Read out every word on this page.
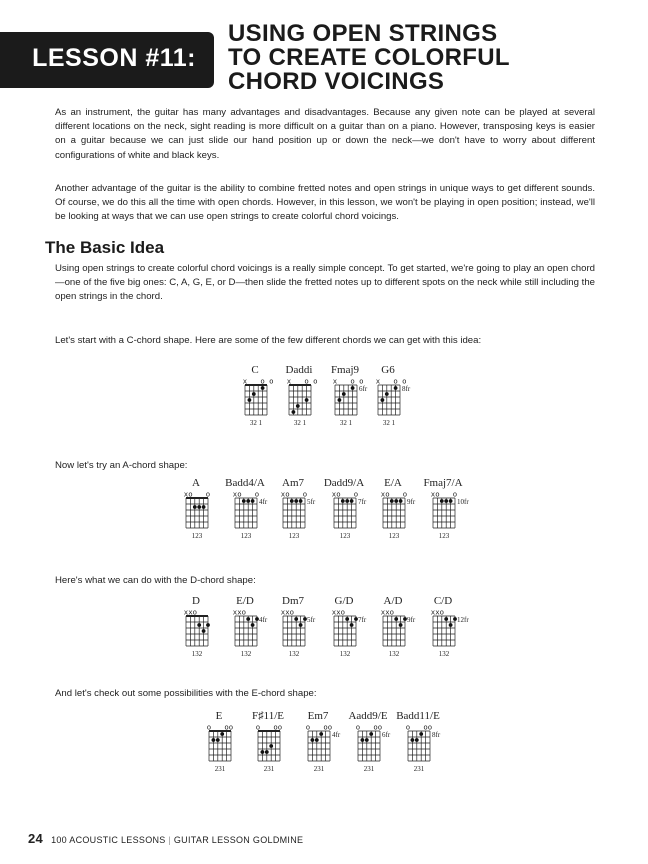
LESSON #11:
USING OPEN STRINGS
TO CREATE COLORFUL
CHORD VOICINGS

As an instrument, the guitar has many advantages and disadvantages. Because any given note can be played at several different locations on the neck, sight reading is more difficult on a guitar than on a piano. However, transposing keys is easier on a guitar because we can just slide our hand position up or down the neck—we don't have to worry about different configurations of white and black keys.

Another advantage of the guitar is the ability to combine fretted notes and open strings in unique ways to get different sounds. Of course, we do this all the time with open chords. However, in this lesson, we won't be playing in open position; instead, we'll be looking at ways that we can use open strings to create colorful chord voicings.

The Basic Idea

Using open strings to create colorful chord voicings is a really simple concept. To get started, we're going to play an open chord—one of the five big ones: C, A, G, E, or D—then slide the fretted notes up to different spots on the neck while still including the open strings in the chord.

Let's start with a C-chord shape. Here are some of the few different chords we can get with this idea:
Now let's try an A-chord shape:
Here's what we can do with the D-chord shape:
And let's check out some possibilities with the E-chord shape:
C
x   o o
32 1
Daddi
x   o o
32 1
Fmaj9
x   o o
6fr
32 1
G6
x   o o
8fr
32 1
A
xo   o
123
Badd4/A
xo   o
4fr
123
Am7
xo   o
5fr
123
Dadd9/A
xo   o
7fr
123
E/A
xo   o
9fr
123
Fmaj7/A
xo   o
10fr
123
D
xxo
132
E/D
xxo
4fr
132
Dm7
xxo
5fr
132
G/D
xxo
7fr
132
A/D
xxo
9fr
132
C/D
xxo
12fr
132
E
o   oo
231
F♯11/E
o   oo
231
Em7
o   oo
4fr
231
Aadd9/E
o   oo
6fr
231
Badd11/E
o   oo
8fr
231
24 100 ACOUSTIC LESSONS | GUITAR LESSON GOLDMINE
